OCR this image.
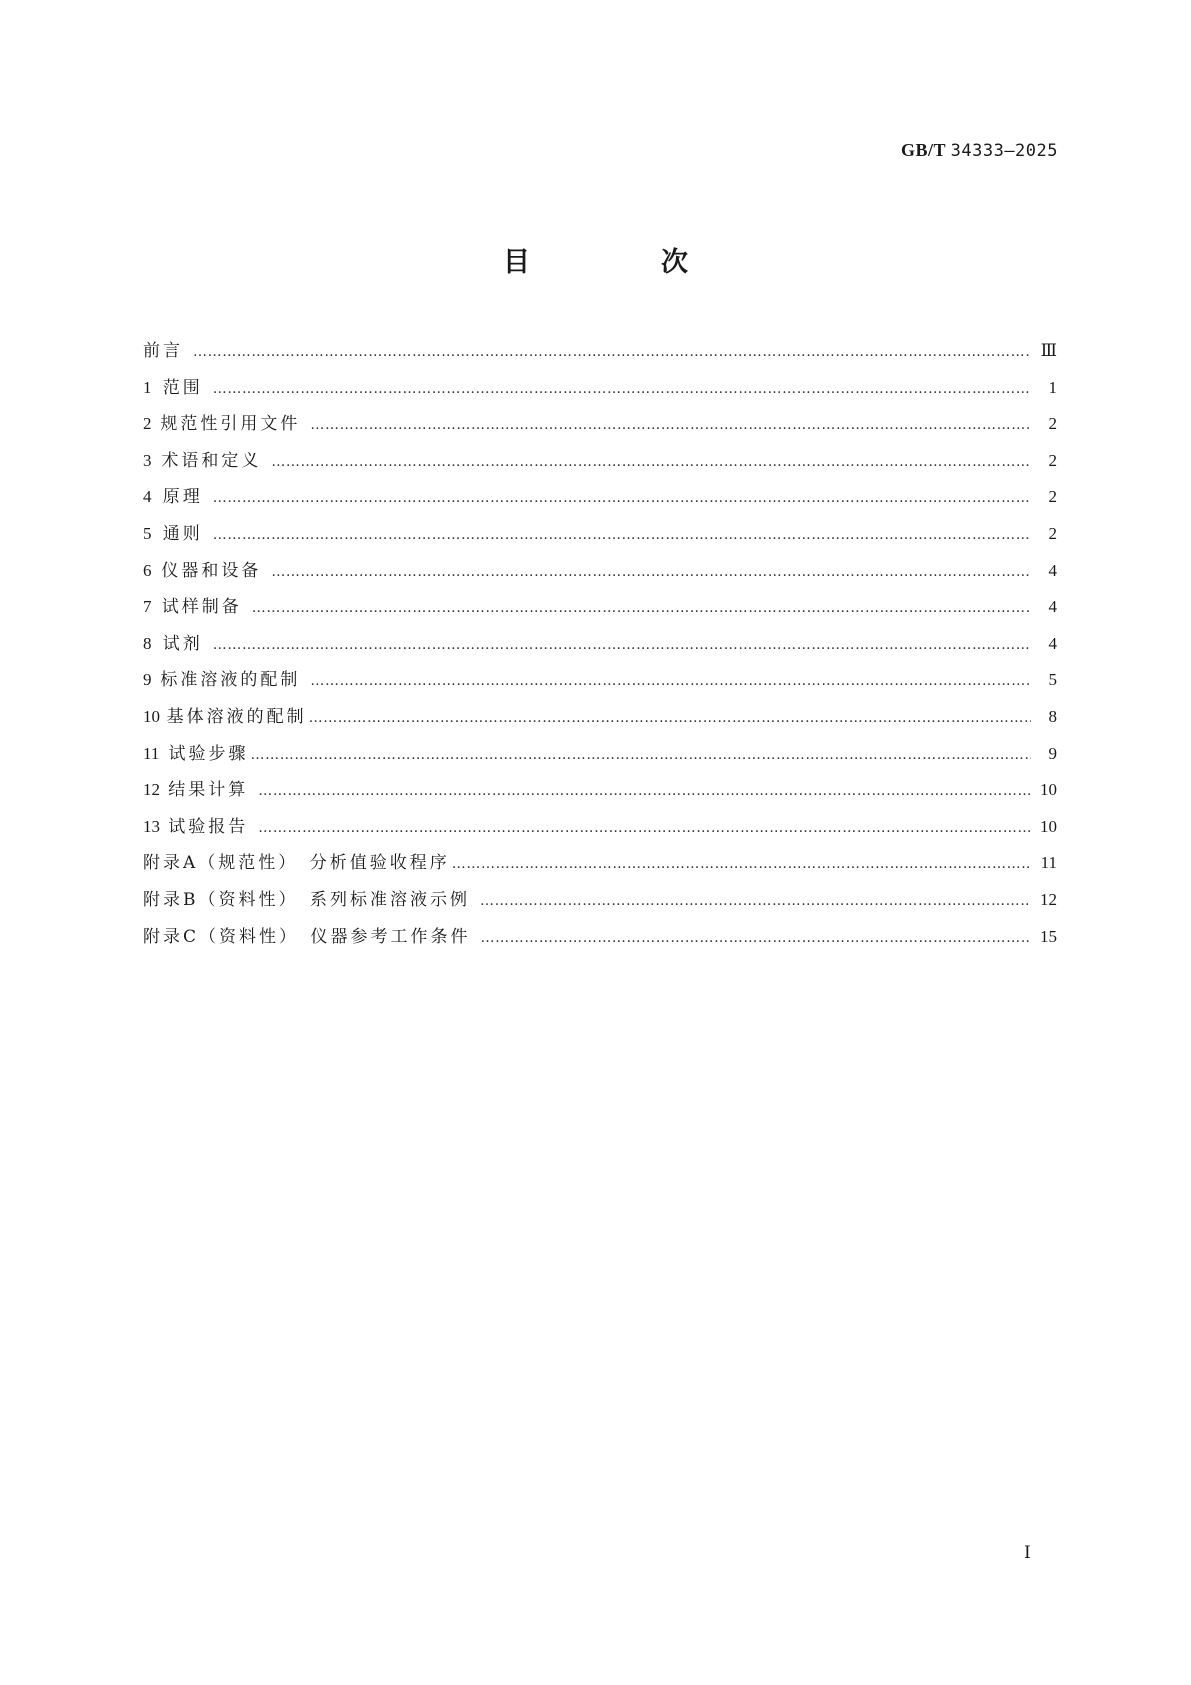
GB/T 34333—2025
目　次
前言 …………………………………………………………………………………………………………………………………………………………………………………………………………………………………………	Ⅲ
1 范围 …………………………………………………………………………………………………………………………………………………………………………………………………………………………………………	1
2 规范性引用文件 …………………………………………………………………………………………………………………………………………………………………………………………………………………………………………	2
3 术语和定义 …………………………………………………………………………………………………………………………………………………………………………………………………………………………………………	2
4 原理 …………………………………………………………………………………………………………………………………………………………………………………………………………………………………………	2
5 通则 …………………………………………………………………………………………………………………………………………………………………………………………………………………………………………	2
6 仪器和设备 …………………………………………………………………………………………………………………………………………………………………………………………………………………………………………	4
7 试样制备 …………………………………………………………………………………………………………………………………………………………………………………………………………………………………………	4
8 试剂 …………………………………………………………………………………………………………………………………………………………………………………………………………………………………………	4
9 标准溶液的配制 …………………………………………………………………………………………………………………………………………………………………………………………………………………………………………	5
10 基体溶液的配制 …………………………………………………………………………………………………………………………………………………………………………………………………………………………………………	8
11 试验步骤 …………………………………………………………………………………………………………………………………………………………………………………………………………………………………………	9
12 结果计算 …………………………………………………………………………………………………………………………………………………………………………………………………………………………………………	10
13 试验报告 …………………………………………………………………………………………………………………………………………………………………………………………………………………………………………	10
附录A（规范性）　分析值验收程序 …………………………………………………………………………………………………………………………………………………………………………………………………………………………………………	11
附录B（资料性）　系列标准溶液示例 …………………………………………………………………………………………………………………………………………………………………………………………………………………………………………	12
附录C（资料性）　仪器参考工作条件 …………………………………………………………………………………………………………………………………………………………………………………………………………………………………………	15
Ⅰ
